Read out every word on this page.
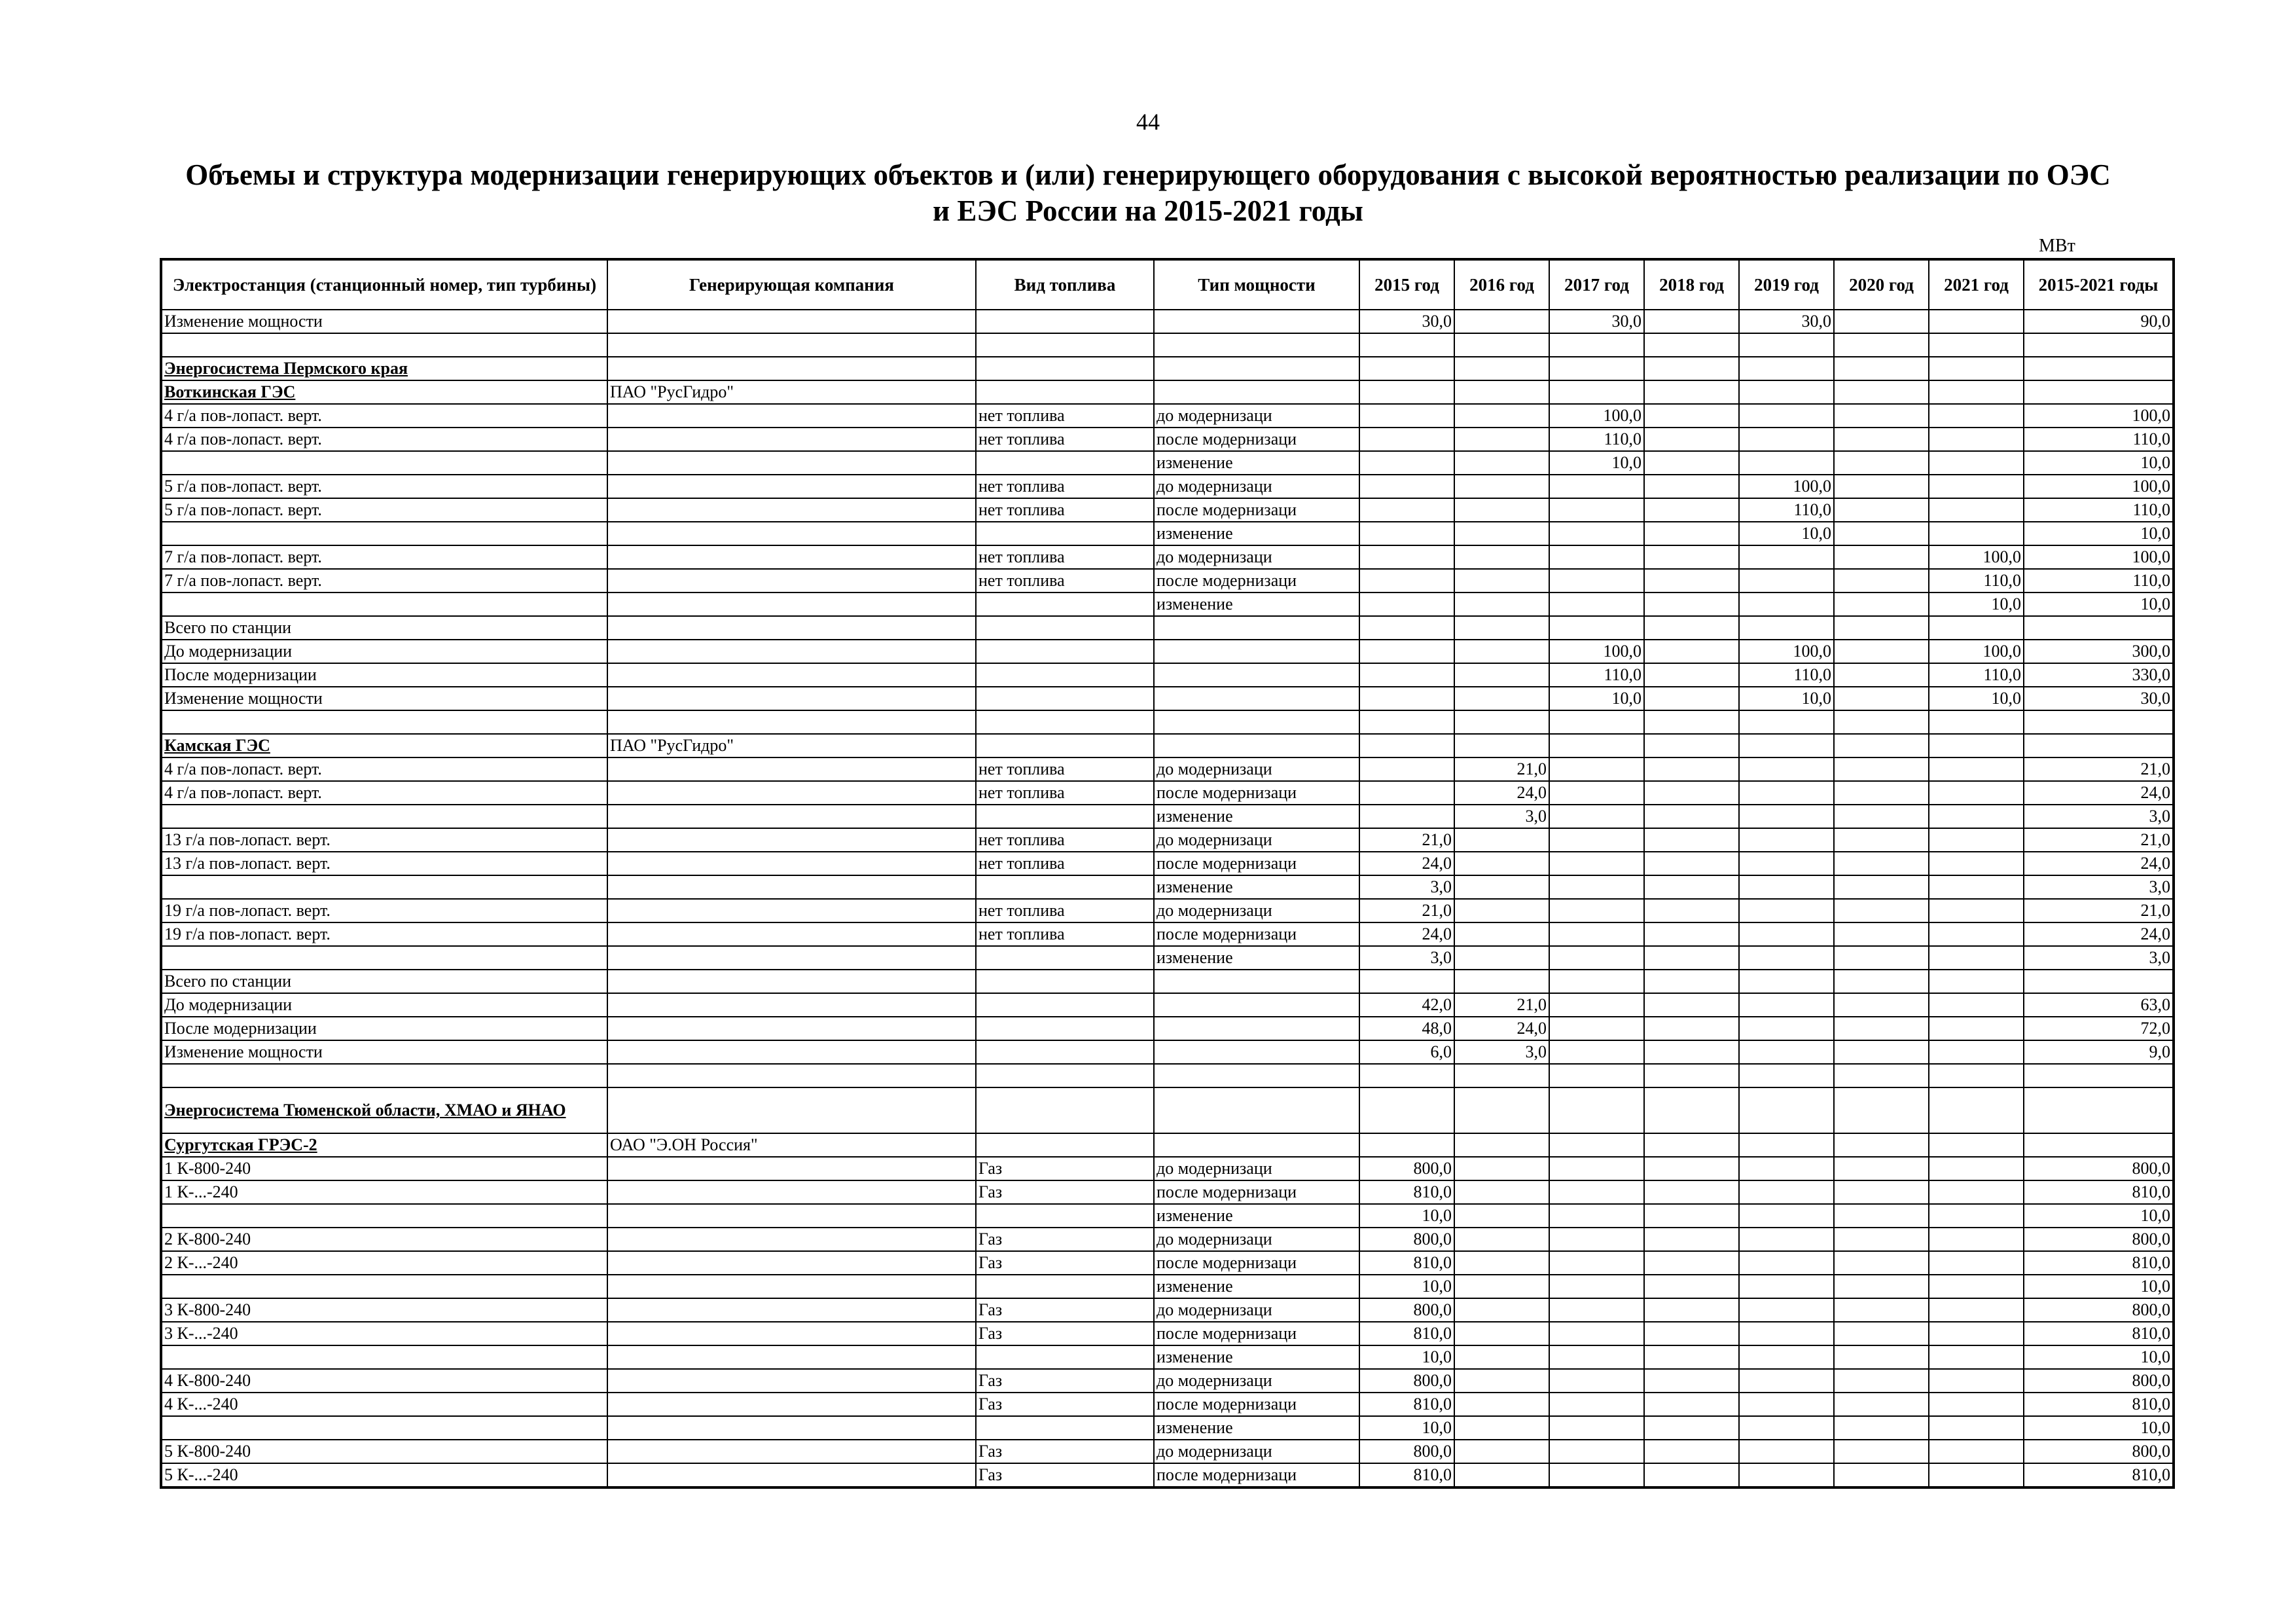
44
Объемы и структура модернизации генерирующих объектов и (или) генерирующего оборудования с высокой вероятностью реализации по ОЭС
и ЕЭС России на 2015-2021 годы
МВт
Электростанция (станционный номер, тип турбины)	Генерирующая компания	Вид топлива	Тип мощности	2015 год	2016 год	2017 год	2018 год	2019 год	2020 год	2021 год	2015-2021 годы
Изменение мощности				30,0		30,0		30,0			90,0

Энергосистема Пермского края											
Воткинская ГЭС	ПАО "РусГидро"										
4 г/а пов-лопаст. верт.		нет топлива	до модернизаци			100,0					100,0
4 г/а пов-лопаст. верт.		нет топлива	после модернизаци			110,0					110,0
			изменение			10,0					10,0
5 г/а пов-лопаст. верт.		нет топлива	до модернизаци					100,0			100,0
5 г/а пов-лопаст. верт.		нет топлива	после модернизаци					110,0			110,0
			изменение					10,0			10,0
7 г/а пов-лопаст. верт.		нет топлива	до модернизаци							100,0	100,0
7 г/а пов-лопаст. верт.		нет топлива	после модернизаци							110,0	110,0
			изменение							10,0	10,0
Всего по станции											
До модернизации						100,0		100,0		100,0	300,0
После модернизации						110,0		110,0		110,0	330,0
Изменение мощности						10,0		10,0		10,0	30,0

Камская ГЭС	ПАО "РусГидро"										
4 г/а пов-лопаст. верт.		нет топлива	до модернизаци		21,0						21,0
4 г/а пов-лопаст. верт.		нет топлива	после модернизаци		24,0						24,0
			изменение		3,0						3,0
13 г/а пов-лопаст. верт.		нет топлива	до модернизаци	21,0							21,0
13 г/а пов-лопаст. верт.		нет топлива	после модернизаци	24,0							24,0
			изменение	3,0							3,0
19 г/а пов-лопаст. верт.		нет топлива	до модернизаци	21,0							21,0
19 г/а пов-лопаст. верт.		нет топлива	после модернизаци	24,0							24,0
			изменение	3,0							3,0
Всего по станции											
До модернизации				42,0	21,0						63,0
После модернизации				48,0	24,0						72,0
Изменение мощности				6,0	3,0						9,0

Энергосистема Тюменской области, ХМАО и ЯНАО											
Сургутская ГРЭС-2	ОАО "Э.ОН Россия"										
1 К-800-240		Газ	до модернизаци	800,0							800,0
1 К-...-240		Газ	после модернизаци	810,0							810,0
			изменение	10,0							10,0
2 К-800-240		Газ	до модернизаци	800,0							800,0
2 К-...-240		Газ	после модернизаци	810,0							810,0
			изменение	10,0							10,0
3 К-800-240		Газ	до модернизаци	800,0							800,0
3 К-...-240		Газ	после модернизаци	810,0							810,0
			изменение	10,0							10,0
4 К-800-240		Газ	до модернизаци	800,0							800,0
4 К-...-240		Газ	после модернизаци	810,0							810,0
			изменение	10,0							10,0
5 К-800-240		Газ	до модернизаци	800,0							800,0
5 К-...-240		Газ	после модернизаци	810,0							810,0
